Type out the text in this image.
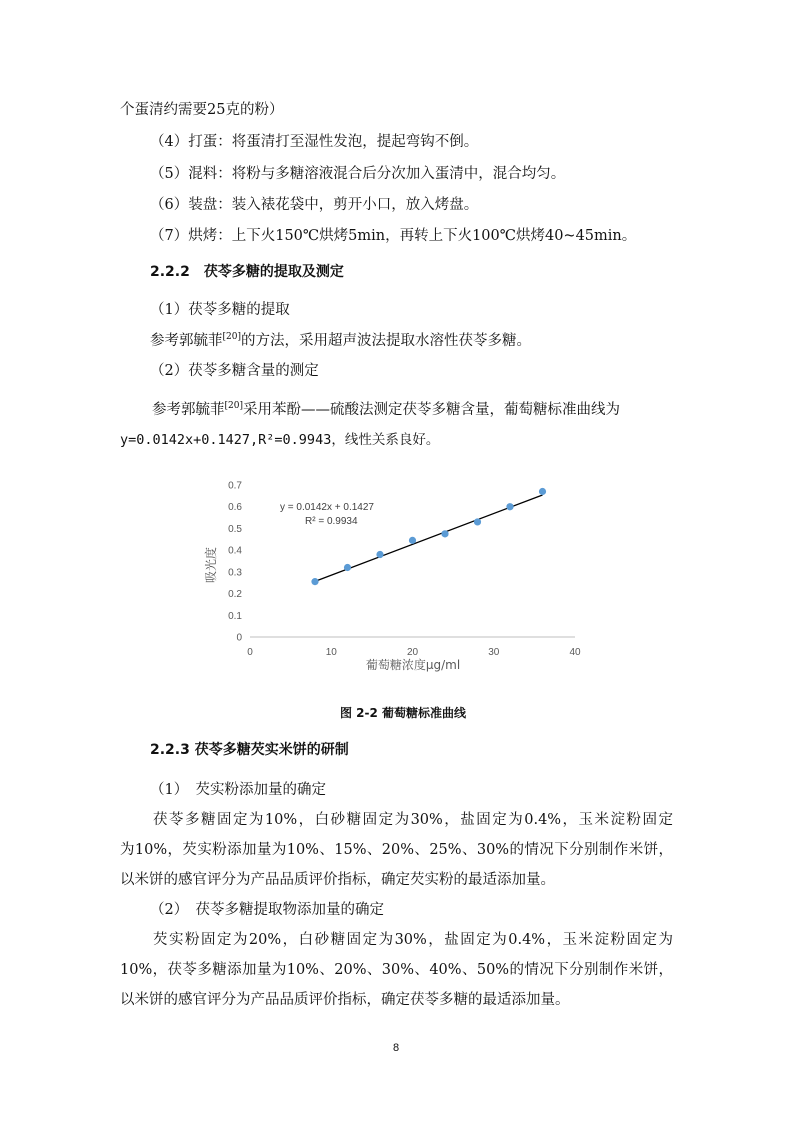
个蛋清约需要25克的粉）
（4）打蛋：将蛋清打至湿性发泡，提起弯钩不倒。
（5）混料：将粉与多糖溶液混合后分次加入蛋清中，混合均匀。
（6）装盘：装入裱花袋中，剪开小口，放入烤盘。
（7）烘烤：上下火150℃烘烤5min，再转上下火100℃烘烤40~45min。
2.2.2　茯苓多糖的提取及测定
（1）茯苓多糖的提取
参考郭毓菲[20]的方法，采用超声波法提取水溶性茯苓多糖。
（2）茯苓多糖含量的测定
参考郭毓菲[20]采用苯酚——硫酸法测定茯苓多糖含量，葡萄糖标准曲线为
y=0.0142x+0.1427,R²=0.9943，线性关系良好。
0
0.1
0.2
0.3
0.4
0.5
0.6
0.7
0	10	20	30	40
y = 0.0142x + 0.1427
R² = 0.9934
吸光度
葡萄糖浓度μg/ml
图 2-2 葡萄糖标准曲线
2.2.3 茯苓多糖芡实米饼的研制
（1）　芡实粉添加量的确定
茯苓多糖固定为10%，白砂糖固定为30%，盐固定为0.4%，玉米淀粉固定
为10%，芡实粉添加量为10%、15%、20%、25%、30%的情况下分别制作米饼，
以米饼的感官评分为产品品质评价指标，确定芡实粉的最适添加量。
（2）　茯苓多糖提取物添加量的确定
芡实粉固定为20%，白砂糖固定为30%，盐固定为0.4%，玉米淀粉固定为
10%，茯苓多糖添加量为10%、20%、30%、40%、50%的情况下分别制作米饼，
以米饼的感官评分为产品品质评价指标，确定茯苓多糖的最适添加量。
8
